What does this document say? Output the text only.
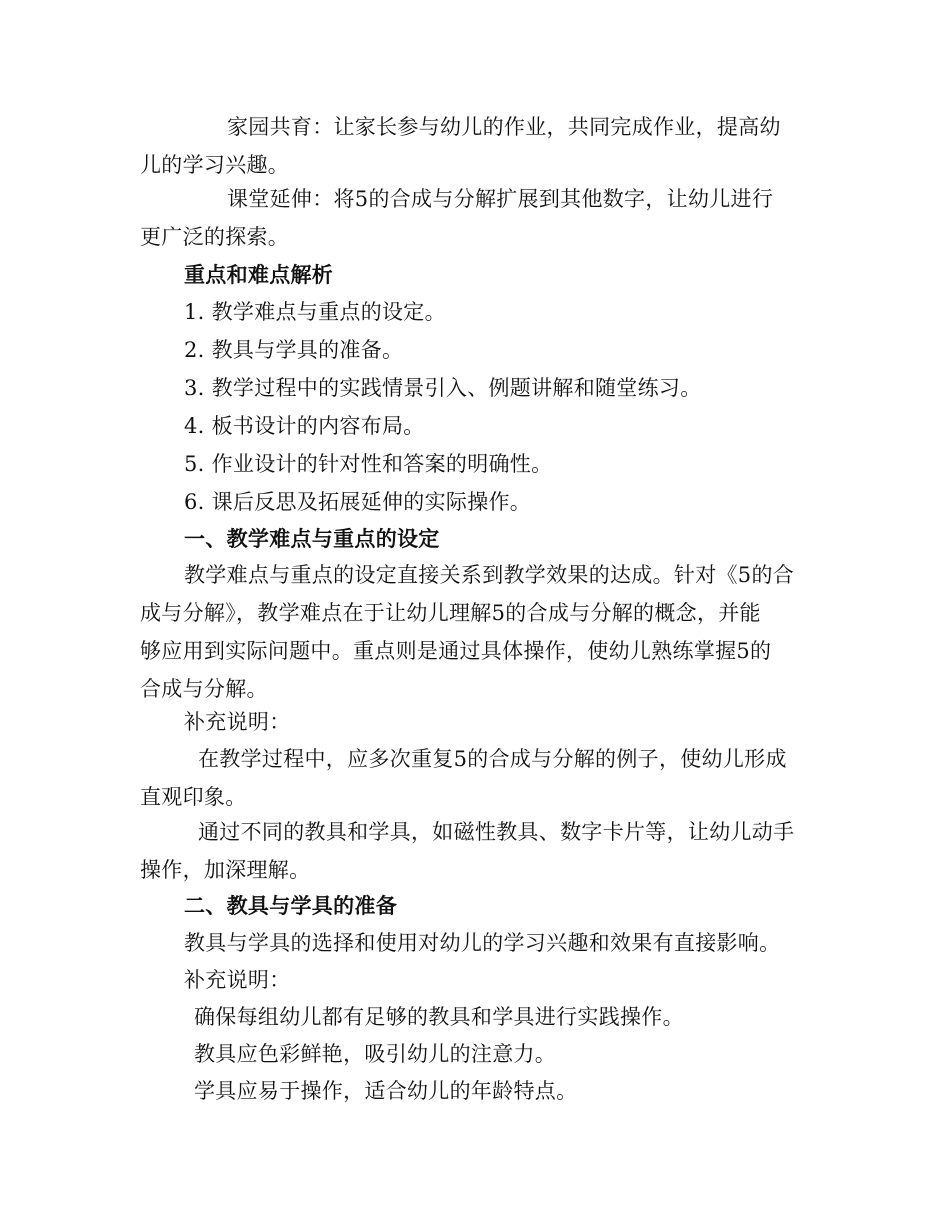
家园共育：让家长参与幼儿的作业，共同完成作业，提高幼
儿的学习兴趣。

课堂延伸：将5的合成与分解扩展到其他数字，让幼儿进行
更广泛的探索。

重点和难点解析

1. 教学难点与重点的设定。

2. 教具与学具的准备。

3. 教学过程中的实践情景引入、例题讲解和随堂练习。

4. 板书设计的内容布局。

5. 作业设计的针对性和答案的明确性。

6. 课后反思及拓展延伸的实际操作。

一、教学难点与重点的设定

教学难点与重点的设定直接关系到教学效果的达成。针对《5的合
成与分解》，教学难点在于让幼儿理解5的合成与分解的概念，并能
够应用到实际问题中。重点则是通过具体操作，使幼儿熟练掌握5的
合成与分解。

补充说明：

在教学过程中，应多次重复5的合成与分解的例子，使幼儿形成
直观印象。

通过不同的教具和学具，如磁性教具、数字卡片等，让幼儿动手
操作，加深理解。

二、教具与学具的准备

教具与学具的选择和使用对幼儿的学习兴趣和效果有直接影响。

补充说明：

确保每组幼儿都有足够的教具和学具进行实践操作。

教具应色彩鲜艳，吸引幼儿的注意力。

学具应易于操作，适合幼儿的年龄特点。
